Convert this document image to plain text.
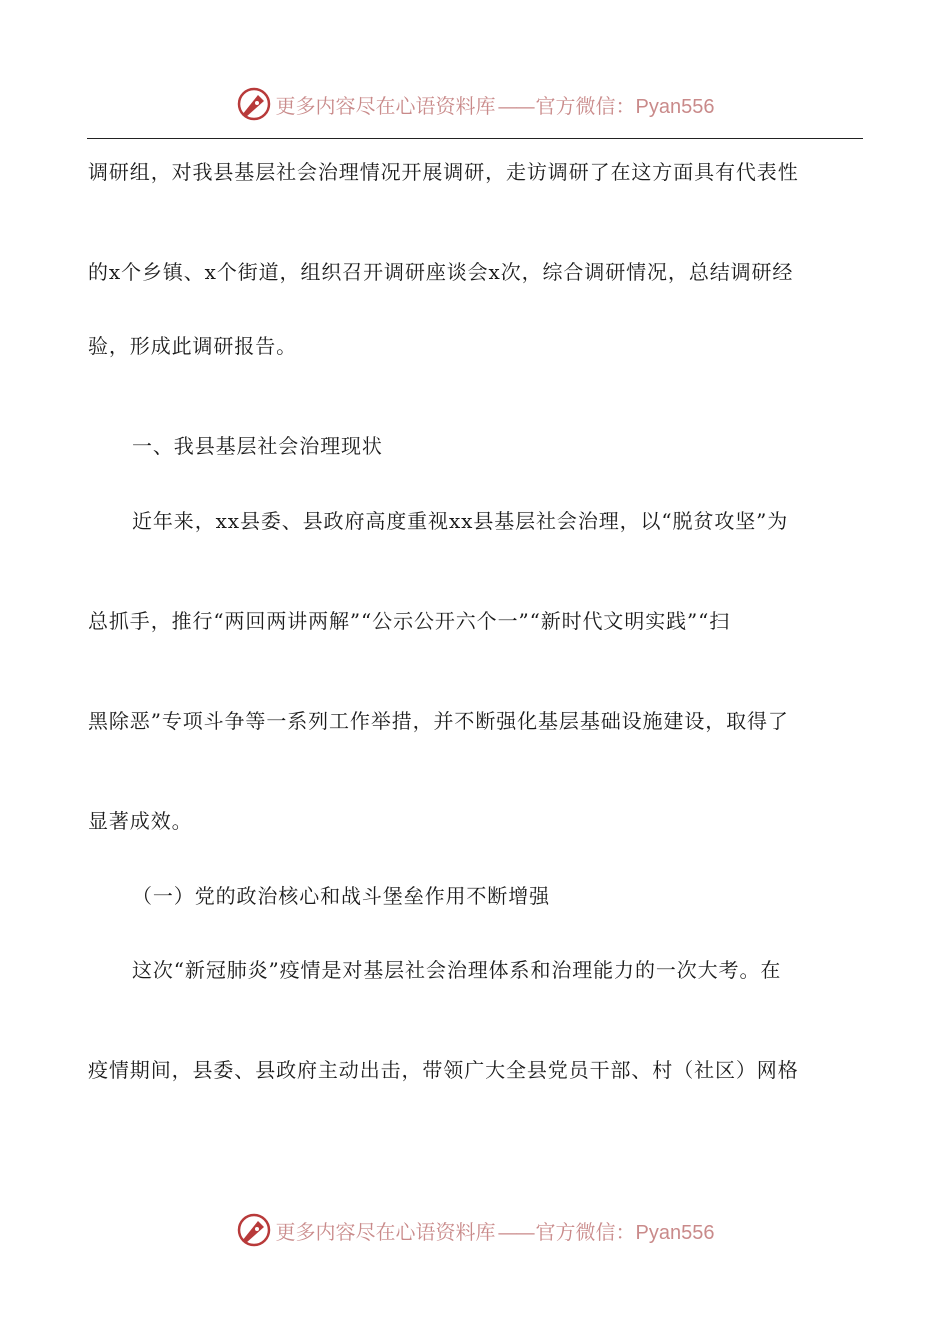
更多内容尽在心语资料库 —— 官方微信： Pyan556
调研组，对我县基层社会治理情况开展调研，走访调研了在这方面具有代表性
的x个乡镇、x个街道，组织召开调研座谈会x次，综合调研情况，总结调研经
验，形成此调研报告。
一、我县基层社会治理现状
近年来，xx县委、县政府高度重视xx县基层社会治理，以“脱贫攻坚”为
总抓手，推行“两回两讲两解”“公示公开六个一”“新时代文明实践”“扫
黑除恶”专项斗争等一系列工作举措，并不断强化基层基础设施建设，取得了
显著成效。
（一）党的政治核心和战斗堡垒作用不断增强
这次“新冠肺炎”疫情是对基层社会治理体系和治理能力的一次大考。在
疫情期间，县委、县政府主动出击，带领广大全县党员干部、村（社区）网格
更多内容尽在心语资料库 —— 官方微信： Pyan556
